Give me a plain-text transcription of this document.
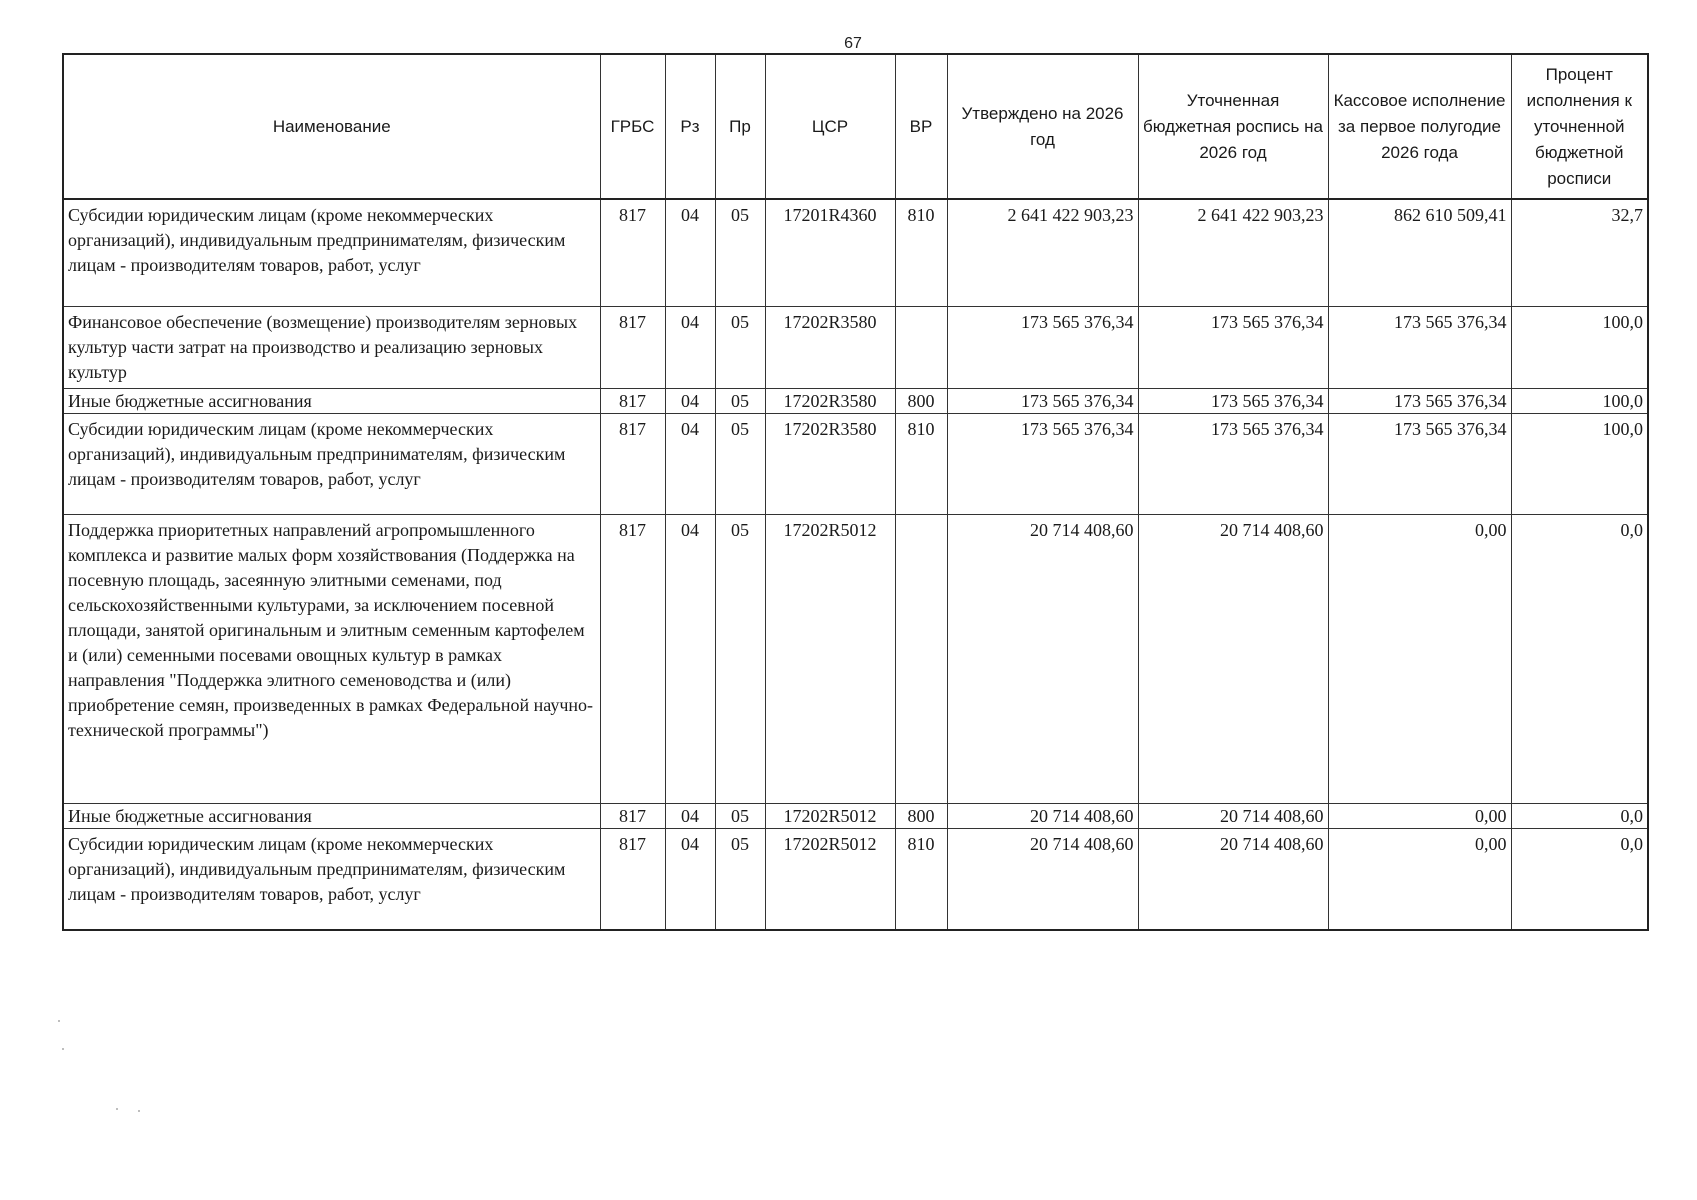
67
Наименование	ГРБС	Рз	Пр	ЦСР	ВР	Утверждено на 2026 год	Уточненная бюджетная роспись на 2026 год	Кассовое исполнение за первое полугодие 2026 года	Процент исполнения к уточненной бюджетной росписи
Субсидии юридическим лицам (кроме некоммерческих организаций), индивидуальным предпринимателям, физическим лицам - производителям товаров, работ, услуг	817	04	05	17201R4360	810	2 641 422 903,23	2 641 422 903,23	862 610 509,41	32,7
Финансовое обеспечение (возмещение) производителям зерновых культур части затрат на производство и реализацию зерновых культур	817	04	05	17202R3580		173 565 376,34	173 565 376,34	173 565 376,34	100,0
Иные бюджетные ассигнования	817	04	05	17202R3580	800	173 565 376,34	173 565 376,34	173 565 376,34	100,0
Субсидии юридическим лицам (кроме некоммерческих организаций), индивидуальным предпринимателям, физическим лицам - производителям товаров, работ, услуг	817	04	05	17202R3580	810	173 565 376,34	173 565 376,34	173 565 376,34	100,0
Поддержка приоритетных направлений агропромышленного комплекса и развитие малых форм хозяйствования (Поддержка на посевную площадь, засеянную элитными семенами, под сельскохозяйственными культурами, за исключением посевной площади, занятой оригинальным и элитным семенным картофелем и (или) семенными посевами овощных культур в рамках направления "Поддержка элитного семеноводства и (или) приобретение семян, произведенных в рамках Федеральной научно-технической программы")	817	04	05	17202R5012		20 714 408,60	20 714 408,60	0,00	0,0
Иные бюджетные ассигнования	817	04	05	17202R5012	800	20 714 408,60	20 714 408,60	0,00	0,0
Субсидии юридическим лицам (кроме некоммерческих организаций), индивидуальным предпринимателям, физическим лицам - производителям товаров, работ, услуг	817	04	05	17202R5012	810	20 714 408,60	20 714 408,60	0,00	0,0
